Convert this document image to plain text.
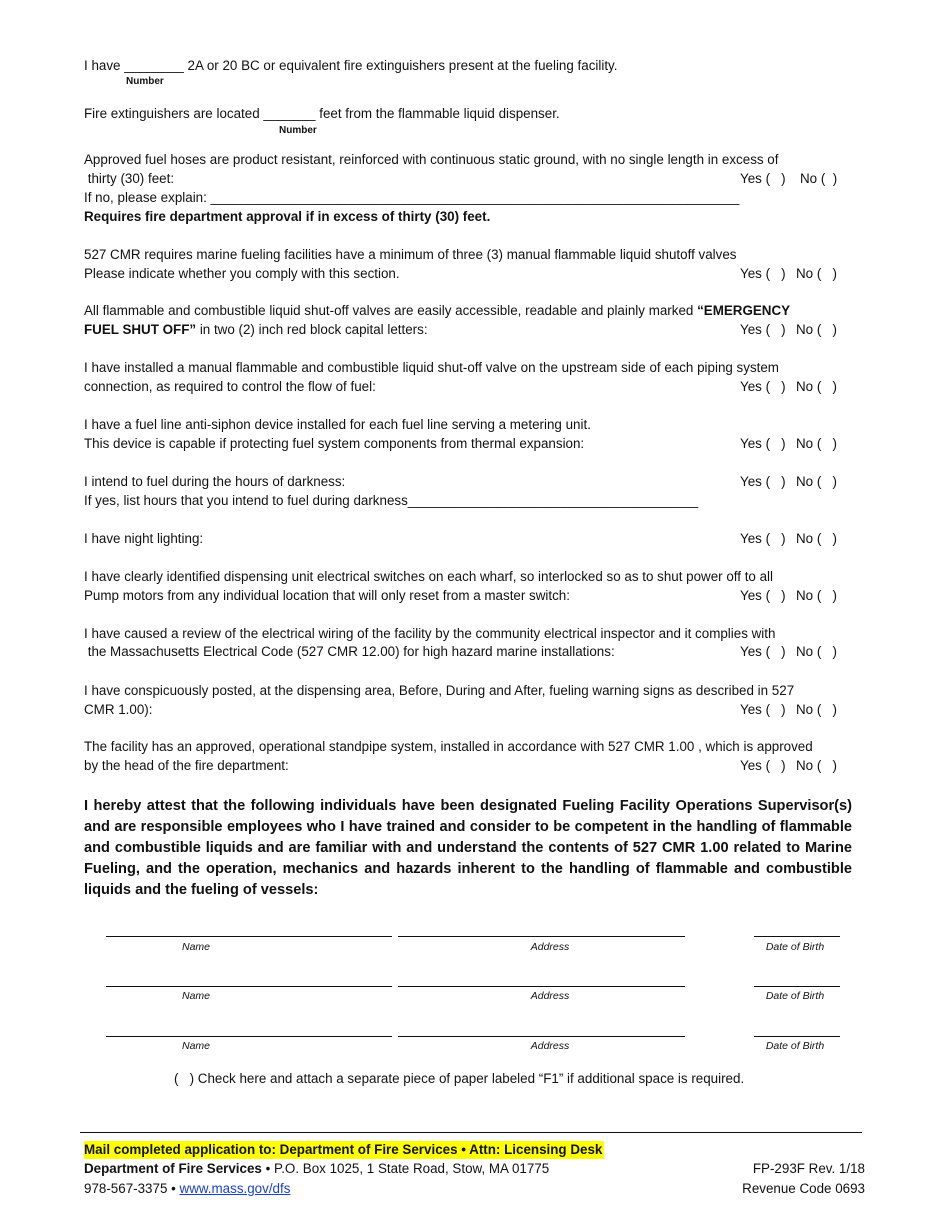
I have ________ 2A or 20 BC or equivalent fire extinguishers present at the fueling facility.
Number
Fire extinguishers are located _______ feet from the flammable liquid dispenser.
Number
Approved fuel hoses are product resistant, reinforced with continuous static ground, with no single length in excess of
thirty (30) feet:	Yes (   ) No (  )
If no, please explain: _______________________________________________________________________
Requires fire department approval if in excess of thirty (30) feet.
527 CMR requires marine fueling facilities have a minimum of three (3) manual flammable liquid shutoff valves
Please indicate whether you comply with this section.	Yes (   ) No (   )
All flammable and combustible liquid shut-off valves are easily accessible, readable and plainly marked “EMERGENCY
FUEL SHUT OFF” in two (2) inch red block capital letters:	Yes (   ) No (   )
I have installed a manual flammable and combustible liquid shut-off valve on the upstream side of each piping system
connection, as required to control the flow of fuel:	Yes (   ) No (   )
I have a fuel line anti-siphon device installed for each fuel line serving a metering unit.
This device is capable if protecting fuel system components from thermal expansion:	Yes (   ) No (   )
I intend to fuel during the hours of darkness:	Yes (   ) No (   )
If yes, list hours that you intend to fuel during darkness_______________________________________
I have night lighting:	Yes (   ) No (   )
I have clearly identified dispensing unit electrical switches on each wharf, so interlocked so as to shut power off to all
Pump motors from any individual location that will only reset from a master switch:	Yes (   ) No (   )
I have caused a review of the electrical wiring of the facility by the community electrical inspector and it complies with
the Massachusetts Electrical Code (527 CMR 12.00) for high hazard marine installations:	Yes (   ) No (   )
I have conspicuously posted, at the dispensing area, Before, During and After, fueling warning signs as described in 527
CMR 1.00):	Yes (   ) No (   )
The facility has an approved, operational standpipe system, installed in accordance with 527 CMR 1.00 , which is approved
by the head of the fire department:	Yes (   ) No (   )
I hereby attest that the following individuals have been designated Fueling Facility Operations Supervisor(s) and are responsible employees who I have trained and consider to be competent in the handling of flammable and combustible liquids and are familiar with and understand the contents of 527 CMR 1.00 related to Marine Fueling, and the operation, mechanics and hazards inherent to the handling of flammable and combustible liquids and the fueling of vessels:
Name	Address	Date of Birth
Name	Address	Date of Birth
Name	Address	Date of Birth
(   ) Check here and attach a separate piece of paper labeled “F1” if additional space is required.
Mail completed application to: Department of Fire Services • Attn: Licensing Desk
Department of Fire Services • P.O. Box 1025, 1 State Road, Stow, MA 01775
978-567-3375 • www.mass.gov/dfs
FP-293F Rev. 1/18
Revenue Code 0693
